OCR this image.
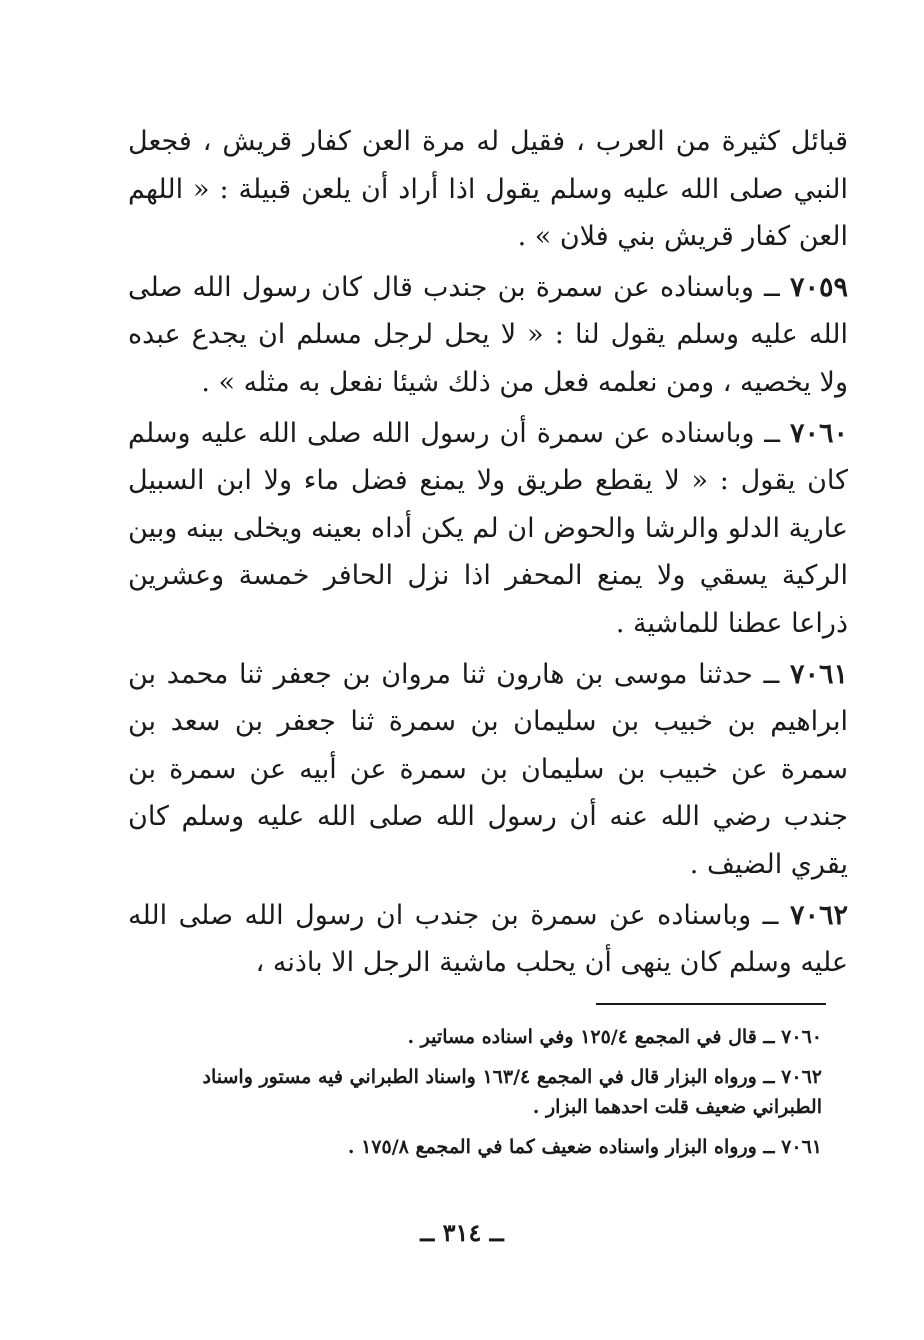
قبائل كثيرة من العرب ، فقيل له مرة العن كفار قريش ، فجعل النبي صلى الله عليه وسلم يقول اذا أراد أن يلعن قبيلة : « اللهم العن كفار قريش بني فلان » .

٧٠٥٩ ــ وباسناده عن سمرة بن جندب قال كان رسول الله صلى الله عليه وسلم يقول لنا : « لا يحل لرجل مسلم ان يجدع عبده ولا يخصيه ، ومن نعلمه فعل من ذلك شيئا نفعل به مثله » .

٧٠٦٠ ــ وباسناده عن سمرة أن رسول الله صلى الله عليه وسلم كان يقول : « لا يقطع طريق ولا يمنع فضل ماء ولا ابن السبيل عارية الدلو والرشا والحوض ان لم يكن أداه بعينه ويخلى بينه وبين الركية يسقي ولا يمنع المحفر اذا نزل الحافر خمسة وعشرين ذراعا عطنا للماشية .

٧٠٦١ ــ حدثنا موسى بن هارون ثنا مروان بن جعفر ثنا محمد بن ابراهيم بن خبيب بن سليمان بن سمرة ثنا جعفر بن سعد بن سمرة عن خبيب بن سليمان بن سمرة عن أبيه عن سمرة بن جندب رضي الله عنه أن رسول الله صلى الله عليه وسلم كان يقري الضيف .

٧٠٦٢ ــ وباسناده عن سمرة بن جندب ان رسول الله صلى الله عليه وسلم كان ينهى أن يحلب ماشية الرجل الا باذنه ،

٧٠٦٠ ــ قال في المجمع ١٢٥/٤ وفي اسناده مساتير .

٧٠٦٢ ــ ورواه البزار قال في المجمع ١٦٣/٤ واسناد الطبراني فيه مستور واسناد الطبراني ضعيف قلت احدهما البزار .

٧٠٦١ ــ ورواه البزار واسناده ضعيف كما في المجمع ١٧٥/٨ .

ــ ٣١٤ ــ
